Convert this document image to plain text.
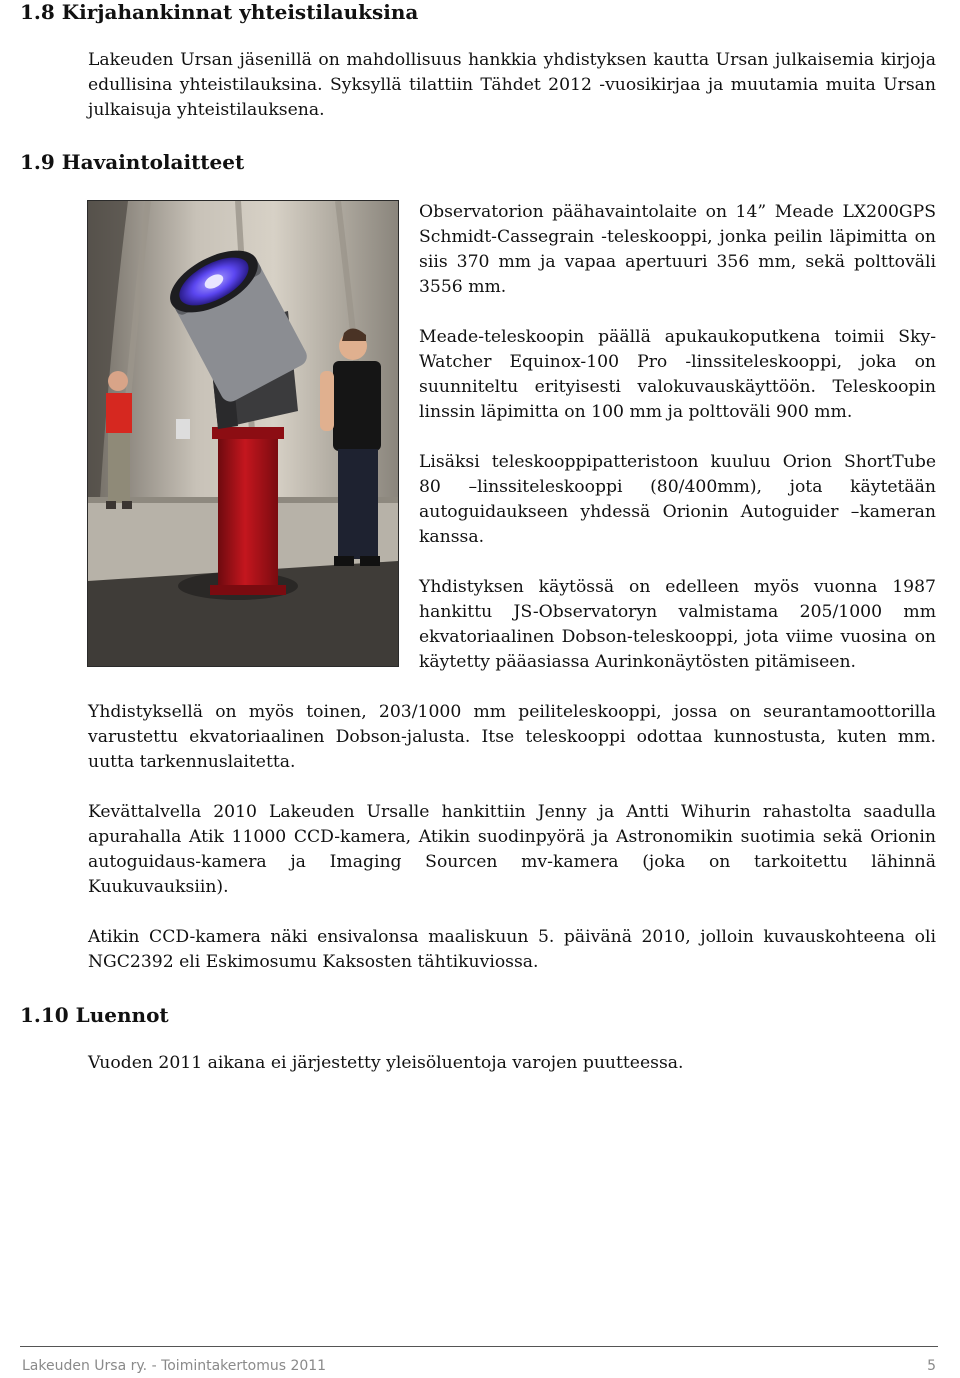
1.8 Kirjahankinnat yhteistilauksina

Lakeuden Ursan jäsenillä on mahdollisuus hankkia yhdistyksen kautta Ursan julkaisemia kirjoja edullisina yhteistilauksina. Syksyllä tilattiin Tähdet 2012 -vuosikirjaa ja muutamia muita Ursan julkaisuja yhteistilauksena.

1.9 Havaintolaitteet

Observatorion päähavaintolaite on 14” Meade LX200GPS Schmidt-Cassegrain -teleskooppi, jonka peilin läpimitta on siis 370 mm ja vapaa apertuuri 356 mm, sekä polttoväli 3556 mm.

Meade-teleskoopin päällä apukaukoputkena toimii Sky-Watcher Equinox-100 Pro -linssiteleskooppi, joka on suunniteltu erityisesti valokuvauskäyttöön. Teleskoopin linssin läpimitta on 100 mm ja polttoväli 900 mm.

Lisäksi teleskooppipatteristoon kuuluu Orion ShortTube 80 –linssiteleskooppi (80/400mm), jota käytetään autoguidaukseen yhdessä Orionin Autoguider –kameran kanssa.

Yhdistyksen käytössä on edelleen myös vuonna 1987 hankittu JS-Observatoryn valmistama 205/1000 mm ekvatoriaalinen Dobson-teleskooppi, jota viime vuosina on käytetty pääasiassa Aurinkonäytösten pitämiseen.

Yhdistyksellä on myös toinen, 203/1000 mm peiliteleskooppi, jossa on seurantamoottorilla varustettu ekvatoriaalinen Dobson-jalusta. Itse teleskooppi odottaa kunnostusta, kuten mm. uutta tarkennuslaitetta.

Kevättalvella 2010 Lakeuden Ursalle hankittiin Jenny ja Antti Wihurin rahastolta saadulla apurahalla Atik 11000 CCD-kamera, Atikin suodinpyörä ja Astronomikin suotimia sekä Orionin autoguidaus-kamera ja Imaging Sourcen mv-kamera (joka on tarkoitettu lähinnä Kuukuvauksiin).

Atikin CCD-kamera näki ensivalonsa maaliskuun 5. päivänä 2010, jolloin kuvauskohteena oli NGC2392 eli Eskimosumu Kaksosten tähtikuviossa.

1.10 Luennot

Vuoden 2011 aikana ei järjestetty yleisöluentoja varojen puutteessa.

Lakeuden Ursa ry. - Toimintakertomus 2011	5
